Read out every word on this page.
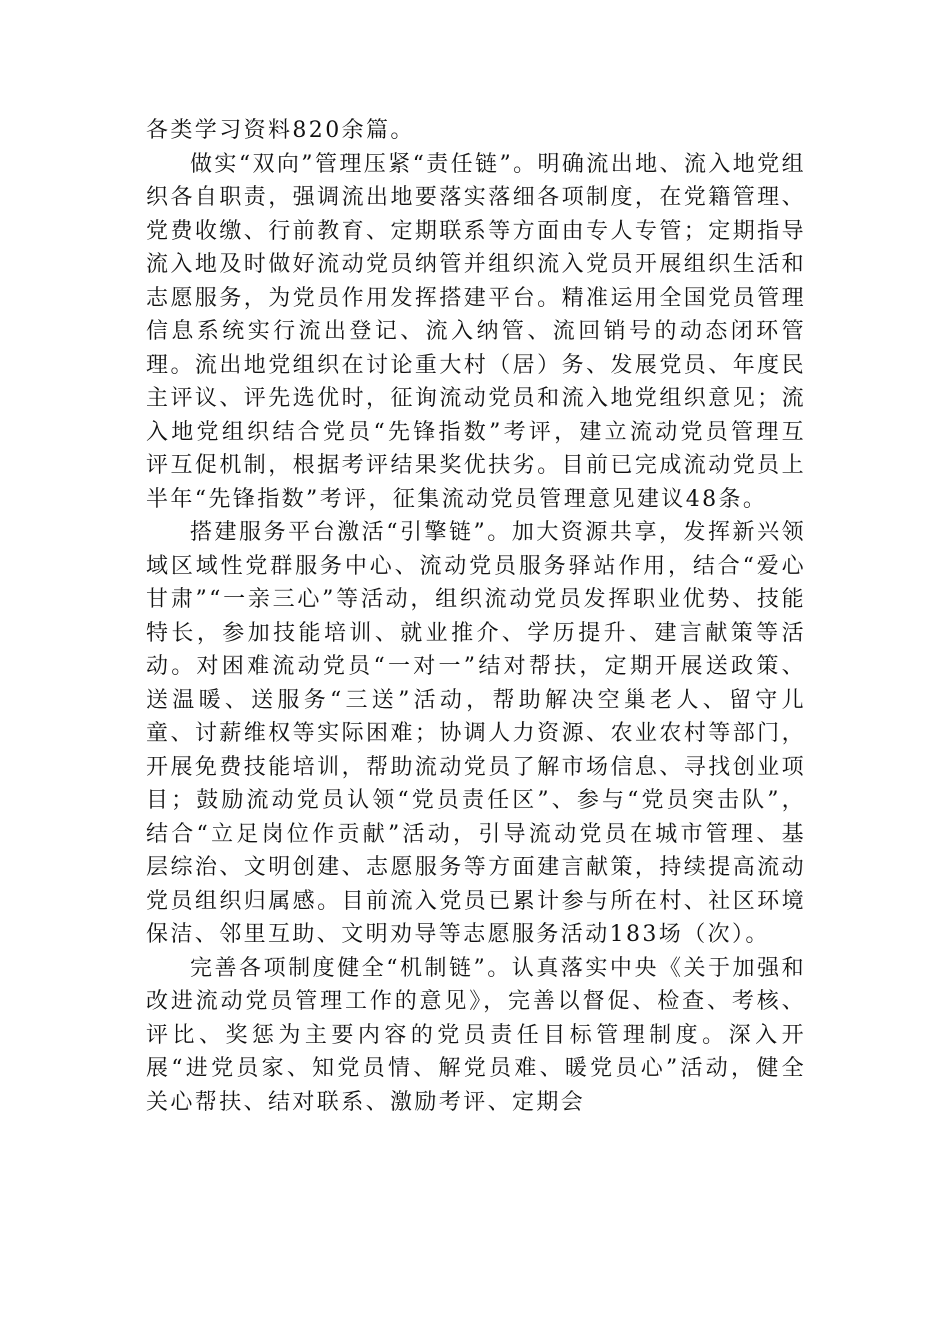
各类学习资料820余篇。

做实“双向”管理压紧“责任链”。明确流出地、流入地党组织各自职责，强调流出地要落实落细各项制度，在党籍管理、党费收缴、行前教育、定期联系等方面由专人专管；定期指导流入地及时做好流动党员纳管并组织流入党员开展组织生活和志愿服务，为党员作用发挥搭建平台。精准运用全国党员管理信息系统实行流出登记、流入纳管、流回销号的动态闭环管理。流出地党组织在讨论重大村（居）务、发展党员、年度民主评议、评先选优时，征询流动党员和流入地党组织意见；流入地党组织结合党员“先锋指数”考评，建立流动党员管理互评互促机制，根据考评结果奖优扶劣。目前已完成流动党员上半年“先锋指数”考评，征集流动党员管理意见建议48条。

搭建服务平台激活“引擎链”。加大资源共享，发挥新兴领域区域性党群服务中心、流动党员服务驿站作用，结合“爱心甘肃”“一亲三心”等活动，组织流动党员发挥职业优势、技能特长，参加技能培训、就业推介、学历提升、建言献策等活动。对困难流动党员“一对一”结对帮扶，定期开展送政策、送温暖、送服务“三送”活动，帮助解决空巢老人、留守儿童、讨薪维权等实际困难；协调人力资源、农业农村等部门，开展免费技能培训，帮助流动党员了解市场信息、寻找创业项目；鼓励流动党员认领“党员责任区”、参与“党员突击队”，结合“立足岗位作贡献”活动，引导流动党员在城市管理、基层综治、文明创建、志愿服务等方面建言献策，持续提高流动党员组织归属感。目前流入党员已累计参与所在村、社区环境保洁、邻里互助、文明劝导等志愿服务活动183场（次）。

完善各项制度健全“机制链”。认真落实中央《关于加强和改进流动党员管理工作的意见》，完善以督促、检查、考核、评比、奖惩为主要内容的党员责任目标管理制度。深入开展“进党员家、知党员情、解党员难、暖党员心”活动，健全关心帮扶、结对联系、激励考评、定期会
